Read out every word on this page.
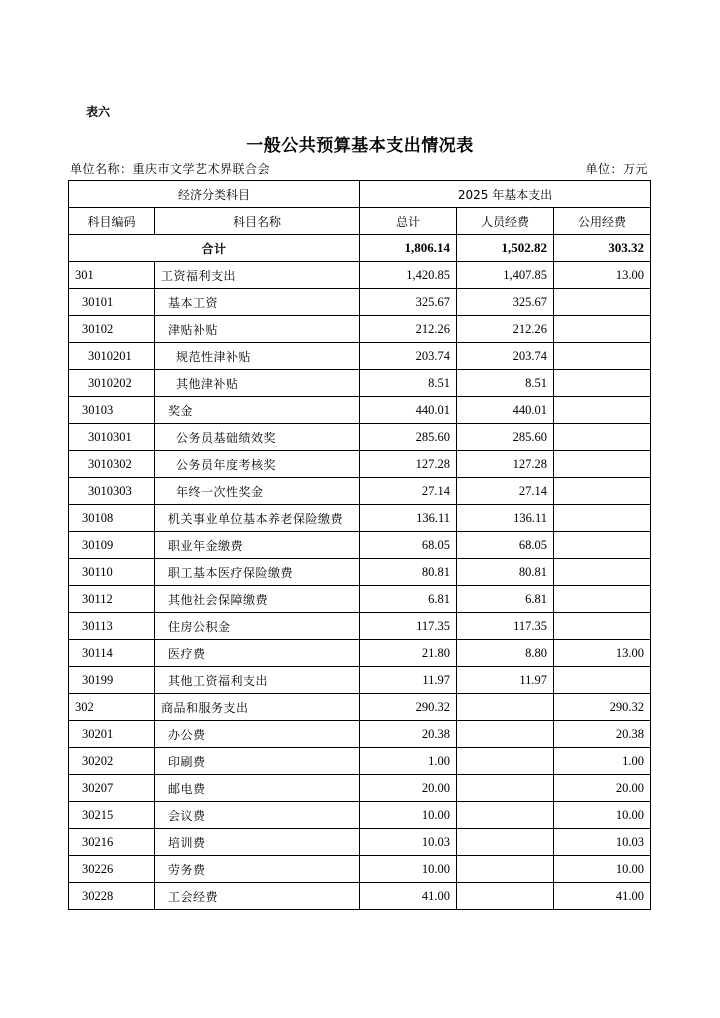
表六
一般公共预算基本支出情况表
单位名称：重庆市文学艺术界联合会	单位：万元
经济分类科目		2025 年基本支出		
科目编码	科目名称	总计	人员经费	公用经费
合计		1,806.14	1,502.82	303.32
301	工资福利支出	1,420.85	1,407.85	13.00
30101	基本工资	325.67	325.67	
30102	津贴补贴	212.26	212.26	
3010201	规范性津补贴	203.74	203.74	
3010202	其他津补贴	8.51	8.51	
30103	奖金	440.01	440.01	
3010301	公务员基础绩效奖	285.60	285.60	
3010302	公务员年度考核奖	127.28	127.28	
3010303	年终一次性奖金	27.14	27.14	
30108	机关事业单位基本养老保险缴费	136.11	136.11	
30109	职业年金缴费	68.05	68.05	
30110	职工基本医疗保险缴费	80.81	80.81	
30112	其他社会保障缴费	6.81	6.81	
30113	住房公积金	117.35	117.35	
30114	医疗费	21.80	8.80	13.00
30199	其他工资福利支出	11.97	11.97	
302	商品和服务支出	290.32		290.32
30201	办公费	20.38		20.38
30202	印刷费	1.00		1.00
30207	邮电费	20.00		20.00
30215	会议费	10.00		10.00
30216	培训费	10.03		10.03
30226	劳务费	10.00		10.00
30228	工会经费	41.00		41.00
